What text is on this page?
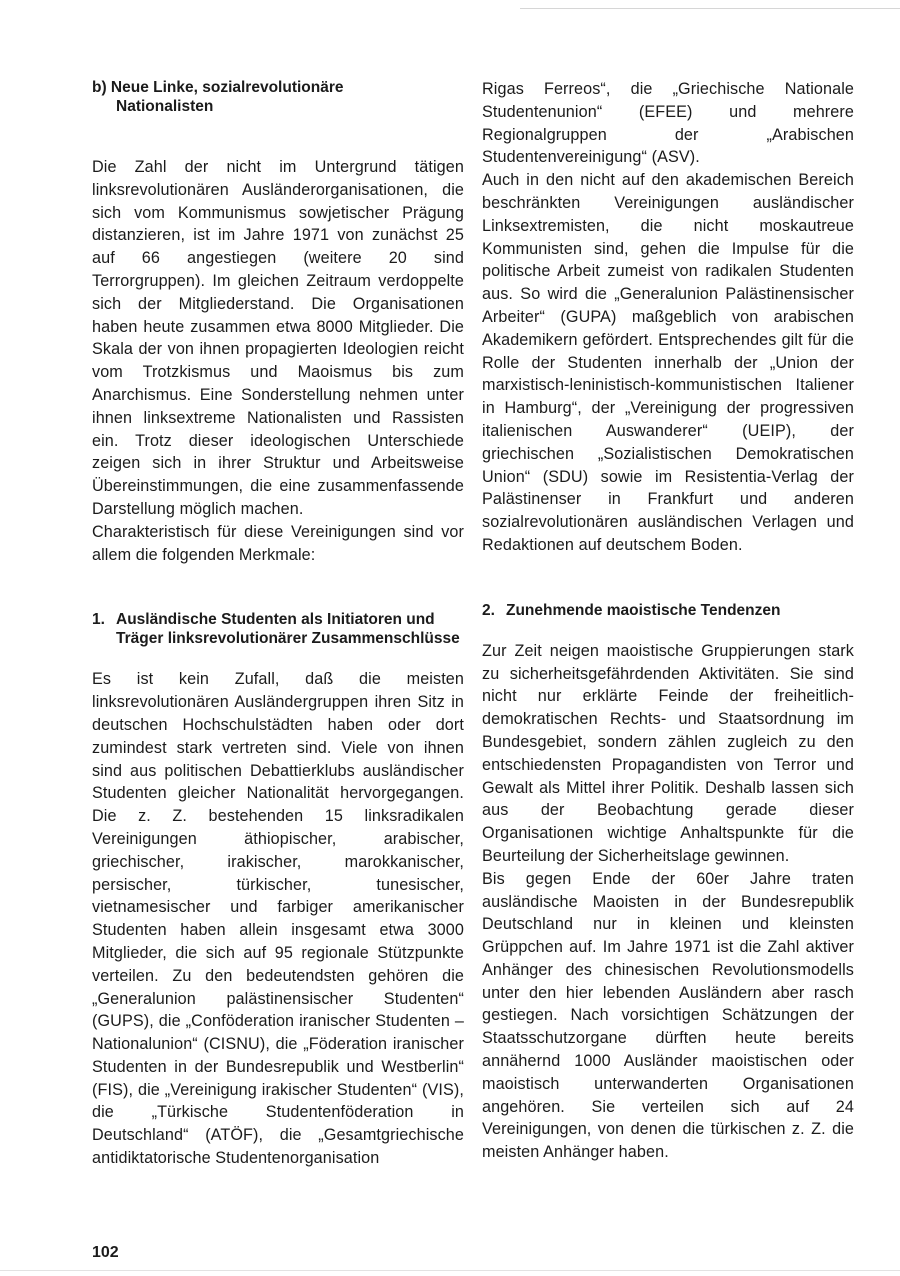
b) Neue Linke, sozialrevolutionäre
Nationalisten

Die Zahl der nicht im Untergrund tätigen linksrevolutionären Ausländerorganisationen, die sich vom Kommunismus sowjetischer Prägung distanzieren, ist im Jahre 1971 von zunächst 25 auf 66 angestiegen (weitere 20 sind Terrorgruppen). Im gleichen Zeitraum verdoppelte sich der Mitgliederstand. Die Organisationen haben heute zusammen etwa 8000 Mitglieder. Die Skala der von ihnen propagierten Ideologien reicht vom Trotzkismus und Maoismus bis zum Anarchismus. Eine Sonderstellung nehmen unter ihnen linksextreme Nationalisten und Rassisten ein. Trotz dieser ideologischen Unterschiede zeigen sich in ihrer Struktur und Arbeitsweise Übereinstimmungen, die eine zusammenfassende Darstellung möglich machen.

Charakteristisch für diese Vereinigungen sind vor allem die folgenden Merkmale:

1. Ausländische Studenten als Initiatoren und Träger linksrevolutionärer Zusammenschlüsse

Es ist kein Zufall, daß die meisten linksrevolutionären Ausländergruppen ihren Sitz in deutschen Hochschulstädten haben oder dort zumindest stark vertreten sind. Viele von ihnen sind aus politischen Debattierklubs ausländischer Studenten gleicher Nationalität hervorgegangen. Die z. Z. bestehenden 15 linksradikalen Vereinigungen äthiopischer, arabischer, griechischer, irakischer, marokkanischer, persischer, türkischer, tunesischer, vietnamesischer und farbiger amerikanischer Studenten haben allein insgesamt etwa 3000 Mitglieder, die sich auf 95 regionale Stützpunkte verteilen. Zu den bedeutendsten gehören die „Generalunion palästinensischer Studenten“ (GUPS), die „Conföderation iranischer Studenten – Nationalunion“ (CISNU), die „Föderation iranischer Studenten in der Bundesrepublik und Westberlin“ (FIS), die „Vereinigung irakischer Studenten“ (VIS), die „Türkische Studentenföderation in Deutschland“ (ATÖF), die „Gesamtgriechische antidiktatorische Studentenorganisation

Rigas Ferreos“, die „Griechische Nationale Studentenunion“ (EFEE) und mehrere Regionalgruppen der „Arabischen Studentenvereinigung“ (ASV).

Auch in den nicht auf den akademischen Bereich beschränkten Vereinigungen ausländischer Linksextremisten, die nicht moskautreue Kommunisten sind, gehen die Impulse für die politische Arbeit zumeist von radikalen Studenten aus. So wird die „Generalunion Palästinensischer Arbeiter“ (GUPA) maßgeblich von arabischen Akademikern gefördert. Entsprechendes gilt für die Rolle der Studenten innerhalb der „Union der marxistisch-leninistisch-kommunistischen Italiener in Hamburg“, der „Vereinigung der progressiven italienischen Auswanderer“ (UEIP), der griechischen „Sozialistischen Demokratischen Union“ (SDU) sowie im Resistentia-Verlag der Palästinenser in Frankfurt und anderen sozialrevolutionären ausländischen Verlagen und Redaktionen auf deutschem Boden.

2. Zunehmende maoistische Tendenzen

Zur Zeit neigen maoistische Gruppierungen stark zu sicherheitsgefährdenden Aktivitäten. Sie sind nicht nur erklärte Feinde der freiheitlich-demokratischen Rechts- und Staatsordnung im Bundesgebiet, sondern zählen zugleich zu den entschiedensten Propagandisten von Terror und Gewalt als Mittel ihrer Politik. Deshalb lassen sich aus der Beobachtung gerade dieser Organisationen wichtige Anhaltspunkte für die Beurteilung der Sicherheitslage gewinnen.

Bis gegen Ende der 60er Jahre traten ausländische Maoisten in der Bundesrepublik Deutschland nur in kleinen und kleinsten Grüppchen auf. Im Jahre 1971 ist die Zahl aktiver Anhänger des chinesischen Revolutionsmodells unter den hier lebenden Ausländern aber rasch gestiegen. Nach vorsichtigen Schätzungen der Staatsschutzorgane dürften heute bereits annähernd 1000 Ausländer maoistischen oder maoistisch unterwanderten Organisationen angehören. Sie verteilen sich auf 24 Vereinigungen, von denen die türkischen z. Z. die meisten Anhänger haben.

102
